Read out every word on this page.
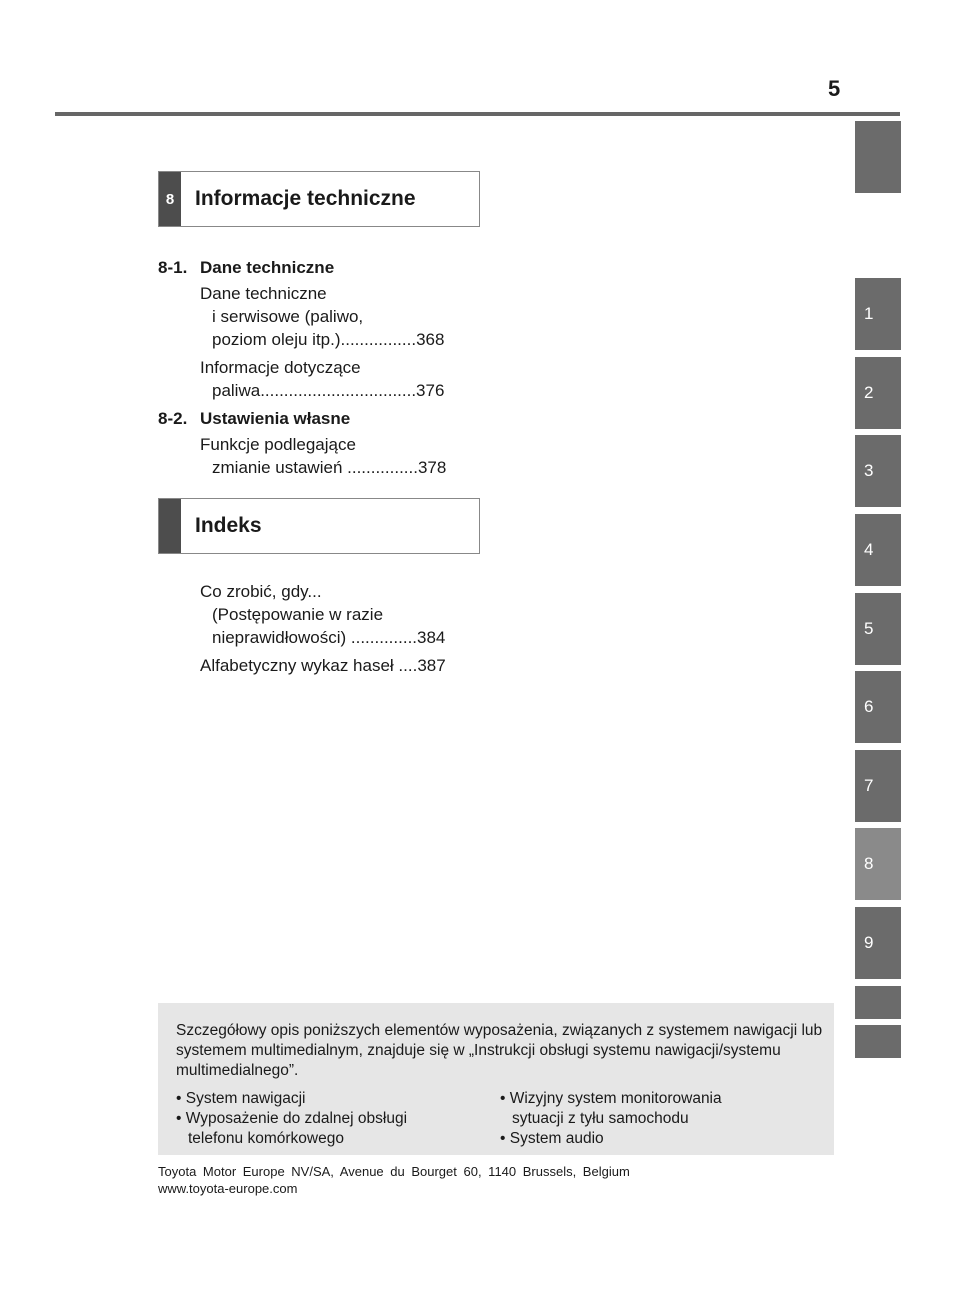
5
1
2
3
4
5
6
7
8
9
8 Informacje techniczne
8-1. Dane techniczne
Dane techniczne
i serwisowe (paliwo,
poziom oleju itp.)................368
Informacje dotyczące
paliwa.................................376
8-2. Ustawienia własne
Funkcje podlegające
zmianie ustawień ...............378
Indeks
Co zrobić, gdy...
(Postępowanie w razie
nieprawidłowości) ..............384
Alfabetyczny wykaz haseł ....387

Szczegółowy opis poniższych elementów wyposażenia, związanych z systemem nawigacji lub systemem multimedialnym, znajduje się w „Instrukcji obsługi systemu nawigacji/systemu multimedialnego”.

• System nawigacji
• Wyposażenie do zdalnej obsługi
telefonu komórkowego
• Wizyjny system monitorowania
sytuacji z tyłu samochodu
• System audio
Toyota Motor Europe NV/SA, Avenue du Bourget 60, 1140 Brussels, Belgium
www.toyota-europe.com
